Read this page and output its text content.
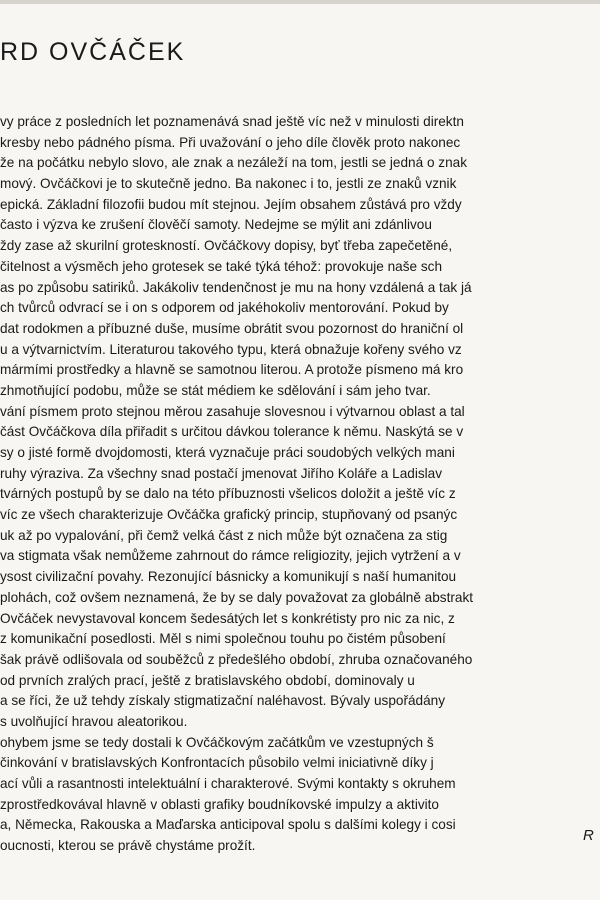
RD OVČÁČEK
vy práce z posledních let poznamenává snad ještě víc než v minulosti direktn
kresby nebo pádného písma. Při uvažování o jeho díle člověk proto nakonec
že na počátku nebylo slovo, ale znak a nezáleží na tom, jestli se jedná o znak
mový. Ovčáčkovi je to skutečně jedno. Ba nakonec i to, jestli ze znaků vznik
epická. Základní filozofii budou mít stejnou. Jejím obsahem zůstává pro vždy
často i výzva ke zrušení člověčí samoty. Nedejme se mýlit ani zdánlivou
ždy zase až skurilní groteskností. Ovčáčkovy dopisy, byť třeba zapečetěné,
čitelnost a výsměch jeho grotesek se také týká téhož: provokuje naše sch
as po způsobu satiriků. Jakákoliv tendenčnost je mu na hony vzdálená a tak já
ch tvůrců odvrací se i on s odporem od jakéhokoliv mentorování. Pokud by
dat rodokmen a příbuzné duše, musíme obrátit svou pozornost do hraniční ol
u a výtvarnictvím. Literaturou takového typu, která obnažuje kořeny svého vz
mármími prostředky a hlavně se samotnou literou. A protože písmeno má kro
zhmotňující podobu, může se stát médiem ke sdělování i sám jeho tvar.
vání písmem proto stejnou měrou zasahuje slovesnou i výtvarnou oblast a tal
část Ovčáčkova díla přiřadit s určitou dávkou tolerance k němu. Naskýtá se v
sy o jisté formě dvojdomosti, která vyznačuje práci soudobých velkých mani
ruhy výraziva. Za všechny snad postačí jmenovat Jiřího Koláře a Ladislav
tvárných postupů by se dalo na této příbuznosti všelicos doložit a ještě víc z
víc ze všech charakterizuje Ovčáčka grafický princip, stupňovaný od psanýc
uk až po vypalování, při čemž velká část z nich může být označena za stig
va stigmata však nemůžeme zahrnout do rámce religiozity, jejich vytržení a v
ysost civilizační povahy. Rezonující básnicky a komunikují s naší humanitou
plohách, což ovšem neznamená, že by se daly považovat za globálně abstrakt
Ovčáček nevystavoval koncem šedesátých let s konkrétisty pro nic za nic, z
z komunikační posedlosti. Měl s nimi společnou touhu po čistém působení
šak právě odlišovala od souběžců z předešlého období, zhruba označovaného
od prvních zralých prací, ještě z bratislavského období, dominovaly u
a se říci, že už tehdy získaly stigmatizační naléhavost. Bývaly uspořádány
s uvolňující hravou aleatorikou.
ohybem jsme se tedy dostali k Ovčáčkovým začátkům ve vzestupných š
činkování v bratislavských Konfrontacích působilo velmi iniciativně díky j
ací vůli a rasantnosti intelektuální i charakterové. Svými kontakty s okruhem
zprostředkovával hlavně v oblasti grafiky boudníkovské impulzy a aktivito
a, Německa, Rakouska a Maďarska anticipoval spolu s dalšími kolegy i cosi
oucnosti, kterou se právě chystáme prožít.
R
